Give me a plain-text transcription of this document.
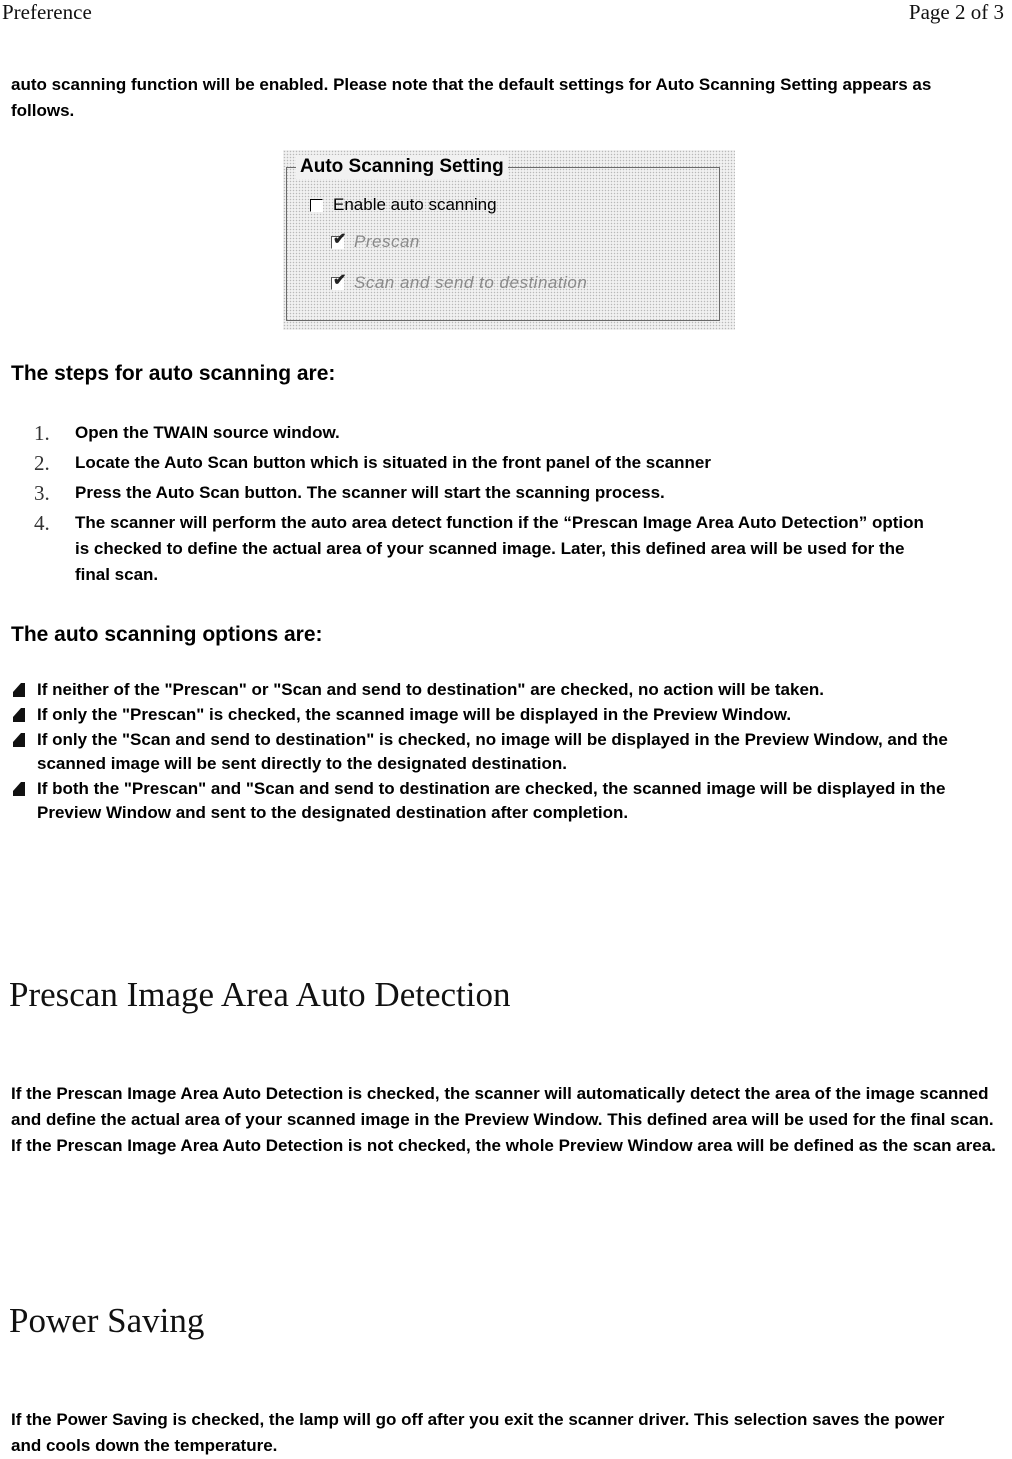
Preference	Page 2 of 3

auto scanning function will be enabled. Please note that the default settings for Auto Scanning Setting appears as follows.

Auto Scanning Setting
Enable auto scanning
✔ Prescan
✔ Scan and send to destination
The steps for auto scanning are:
1. Open the TWAIN source window.
2. Locate the Auto Scan button which is situated in the front panel of the scanner
3. Press the Auto Scan button. The scanner will start the scanning process.
4. The scanner will perform the auto area detect function if the “Prescan Image Area Auto Detection” option is checked to define the actual area of your scanned image. Later, this defined area will be used for the final scan.
The auto scanning options are:
If neither of the "Prescan" or "Scan and send to destination" are checked, no action will be taken.
If only the "Prescan" is checked, the scanned image will be displayed in the Preview Window.
If only the "Scan and send to destination" is checked, no image will be displayed in the Preview Window, and the scanned image will be sent directly to the designated destination.
If both the "Prescan" and "Scan and send to destination are checked, the scanned image will be displayed in the Preview Window and sent to the designated destination after completion.
Prescan Image Area Auto Detection

If the Prescan Image Area Auto Detection is checked, the scanner will automatically detect the area of the image scanned and define the actual area of your scanned image in the Preview Window. This defined area will be used for the final scan. If the Prescan Image Area Auto Detection is not checked, the whole Preview Window area will be defined as the scan area.

Power Saving

If the Power Saving is checked, the lamp will go off after you exit the scanner driver. This selection saves the power and cools down the temperature.
